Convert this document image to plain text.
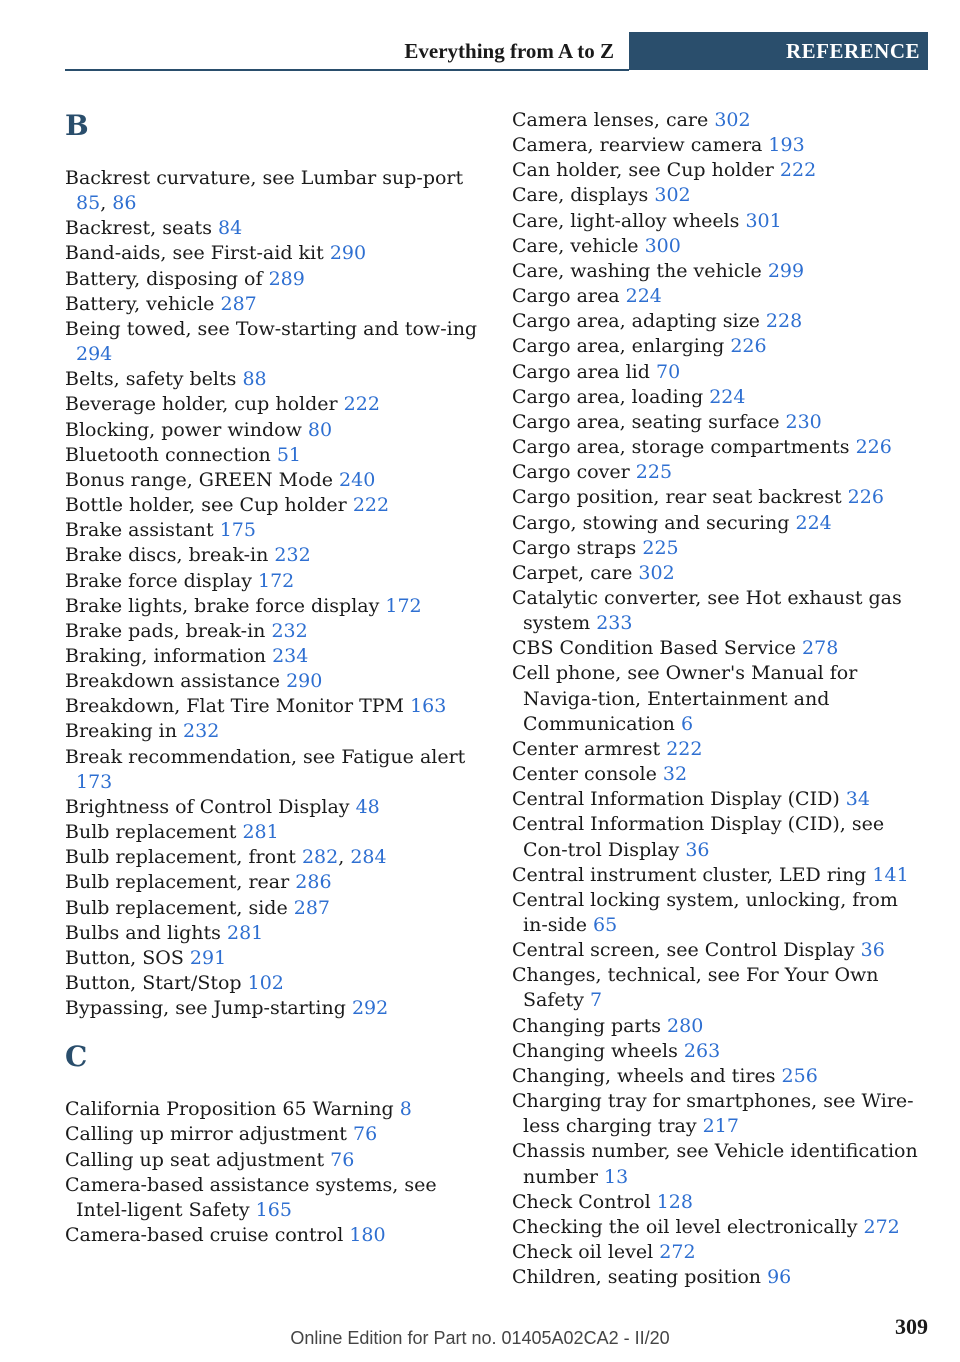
Everything from A to Z	REFERENCE
B
Backrest curvature, see Lumbar sup-port 85, 86
Backrest, seats 84
Band-aids, see First-aid kit 290
Battery, disposing of 289
Battery, vehicle 287
Being towed, see Tow-starting and tow-ing 294
Belts, safety belts 88
Beverage holder, cup holder 222
Blocking, power window 80
Bluetooth connection 51
Bonus range, GREEN Mode 240
Bottle holder, see Cup holder 222
Brake assistant 175
Brake discs, break-in 232
Brake force display 172
Brake lights, brake force display 172
Brake pads, break-in 232
Braking, information 234
Breakdown assistance 290
Breakdown, Flat Tire Monitor TPM 163
Breaking in 232
Break recommendation, see Fatigue alert 173
Brightness of Control Display 48
Bulb replacement 281
Bulb replacement, front 282, 284
Bulb replacement, rear 286
Bulb replacement, side 287
Bulbs and lights 281
Button, SOS 291
Button, Start/Stop 102
Bypassing, see Jump-starting 292
C
California Proposition 65 Warning 8
Calling up mirror adjustment 76
Calling up seat adjustment 76
Camera-based assistance systems, see Intel-ligent Safety 165
Camera-based cruise control 180
Camera lenses, care 302
Camera, rearview camera 193
Can holder, see Cup holder 222
Care, displays 302
Care, light-alloy wheels 301
Care, vehicle 300
Care, washing the vehicle 299
Cargo area 224
Cargo area, adapting size 228
Cargo area, enlarging 226
Cargo area lid 70
Cargo area, loading 224
Cargo area, seating surface 230
Cargo area, storage compartments 226
Cargo cover 225
Cargo position, rear seat backrest 226
Cargo, stowing and securing 224
Cargo straps 225
Carpet, care 302
Catalytic converter, see Hot exhaust gas system 233
CBS Condition Based Service 278
Cell phone, see Owner's Manual for Naviga-tion, Entertainment and Communication 6
Center armrest 222
Center console 32
Central Information Display (CID) 34
Central Information Display (CID), see Con-trol Display 36
Central instrument cluster, LED ring 141
Central locking system, unlocking, from in-side 65
Central screen, see Control Display 36
Changes, technical, see For Your Own Safety 7
Changing parts 280
Changing wheels 263
Changing, wheels and tires 256
Charging tray for smartphones, see Wire-less charging tray 217
Chassis number, see Vehicle identification number 13
Check Control 128
Checking the oil level electronically 272
Check oil level 272
Children, seating position 96
309
Online Edition for Part no. 01405A02CA2 - II/20
